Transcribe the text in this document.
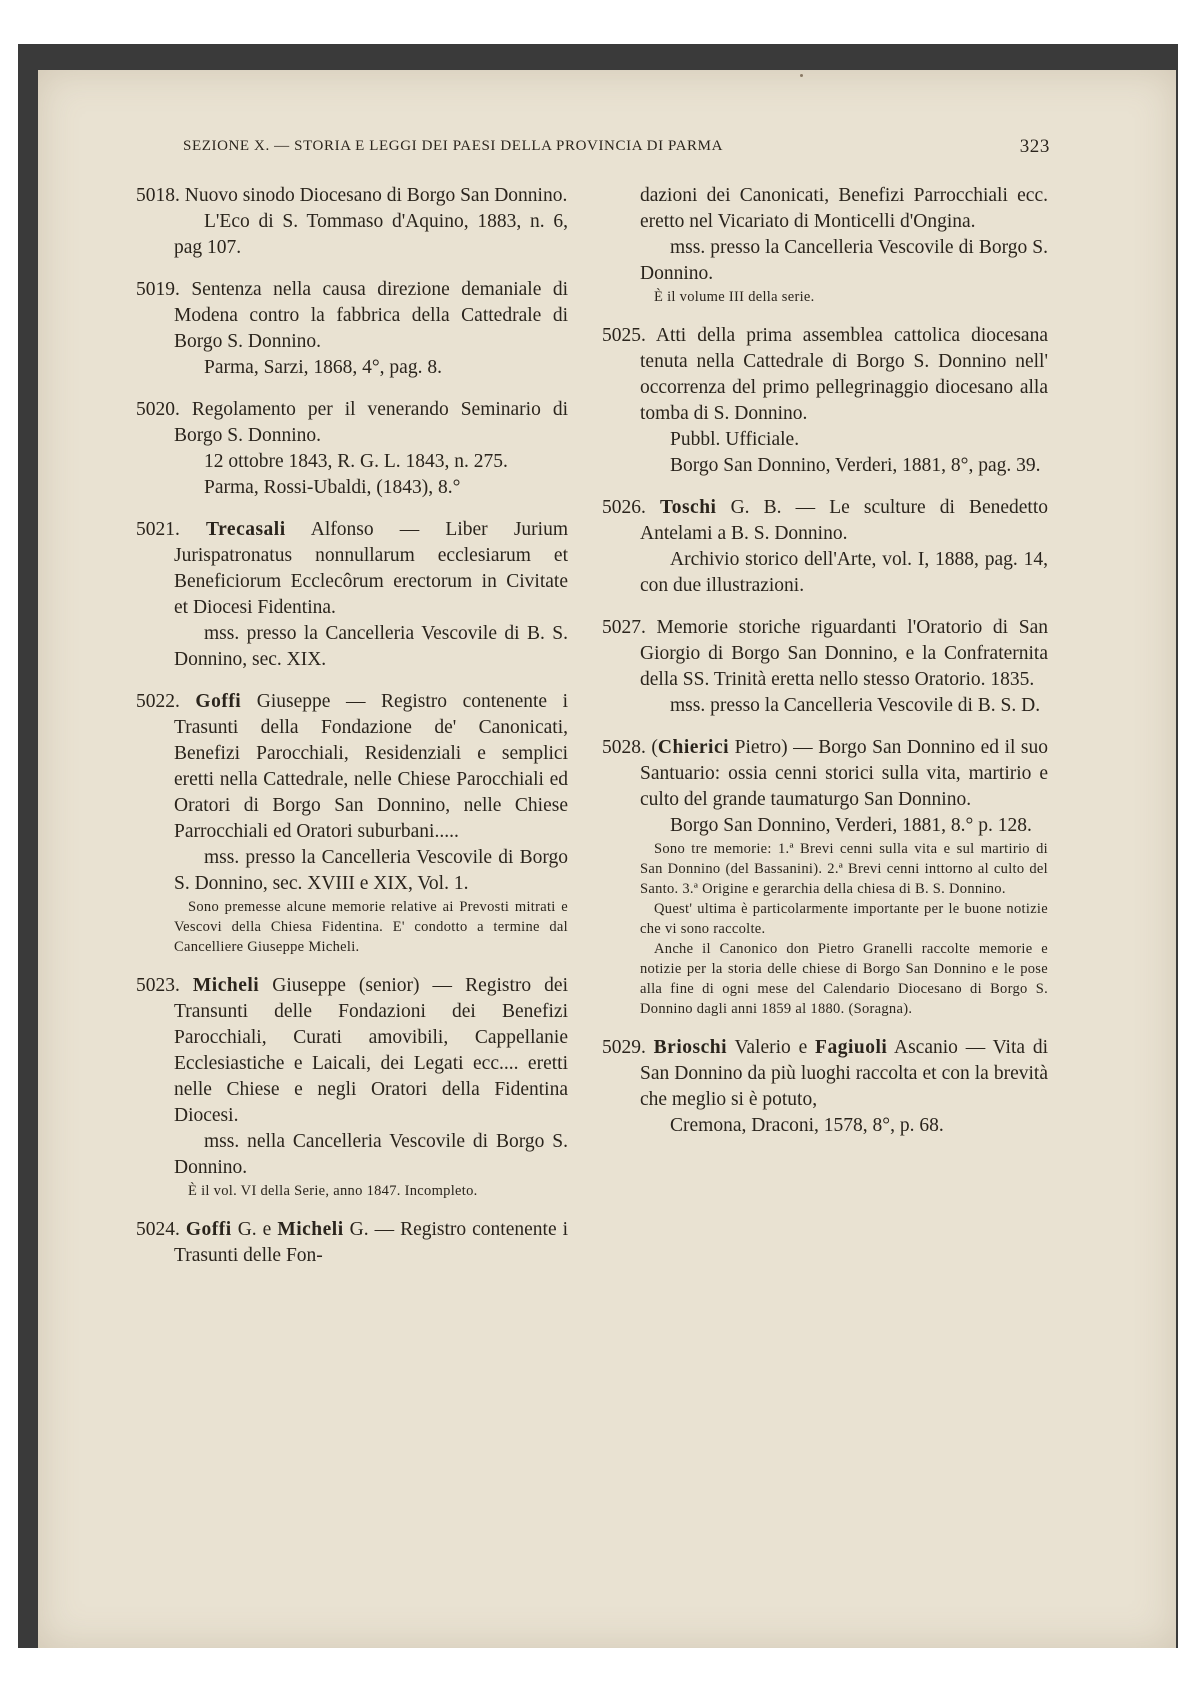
SEZIONE X. — STORIA E LEGGI DEI PAESI DELLA PROVINCIA DI PARMA	323

5018. Nuovo sinodo Diocesano di Borgo San Donnino.

L'Eco di S. Tommaso d'Aquino, 1883, n. 6, pag 107.

5019. Sentenza nella causa direzione demaniale di Modena contro la fabbrica della Cattedrale di Borgo S. Donnino.

Parma, Sarzi, 1868, 4°, pag. 8.

5020. Regolamento per il venerando Seminario di Borgo S. Donnino.

12 ottobre 1843, R. G. L. 1843, n. 275.

Parma, Rossi-Ubaldi, (1843), 8.°

5021. Trecasali Alfonso — Liber Jurium Jurispatronatus nonnullarum ecclesiarum et Beneficiorum Ecclecôrum erectorum in Civitate et Diocesi Fidentina.

mss. presso la Cancelleria Vescovile di B. S. Donnino, sec. XIX.

5022. Goffi Giuseppe — Registro contenente i Trasunti della Fondazione de' Canonicati, Benefizi Parocchiali, Residenziali e semplici eretti nella Cattedrale, nelle Chiese Parocchiali ed Oratori di Borgo San Donnino, nelle Chiese Parrocchiali ed Oratori suburbani.....

mss. presso la Cancelleria Vescovile di Borgo S. Donnino, sec. XVIII e XIX, Vol. 1.

Sono premesse alcune memorie relative ai Prevosti mitrati e Vescovi della Chiesa Fidentina. E' condotto a termine dal Cancelliere Giuseppe Micheli.

5023. Micheli Giuseppe (senior) — Registro dei Transunti delle Fondazioni dei Benefizi Parocchiali, Curati amovibili, Cappellanie Ecclesiastiche e Laicali, dei Legati ecc.... eretti nelle Chiese e negli Oratori della Fidentina Diocesi.

mss. nella Cancelleria Vescovile di Borgo S. Donnino.

È il vol. VI della Serie, anno 1847. Incompleto.

5024. Goffi G. e Micheli G. — Registro contenente i Trasunti delle Fon-

dazioni dei Canonicati, Benefizi Parrocchiali ecc. eretto nel Vicariato di Monticelli d'Ongina.

mss. presso la Cancelleria Vescovile di Borgo S. Donnino.

È il volume III della serie.

5025. Atti della prima assemblea cattolica diocesana tenuta nella Cattedrale di Borgo S. Donnino nell' occorrenza del primo pellegrinaggio diocesano alla tomba di S. Donnino.

Pubbl. Ufficiale.

Borgo San Donnino, Verderi, 1881, 8°, pag. 39.

5026. Toschi G. B. — Le sculture di Benedetto Antelami a B. S. Donnino.

Archivio storico dell'Arte, vol. I, 1888, pag. 14, con due illustrazioni.

5027. Memorie storiche riguardanti l'Oratorio di San Giorgio di Borgo San Donnino, e la Confraternita della SS. Trinità eretta nello stesso Oratorio. 1835.

mss. presso la Cancelleria Vescovile di B. S. D.

5028. (Chierici Pietro) — Borgo San Donnino ed il suo Santuario: ossia cenni storici sulla vita, martirio e culto del grande taumaturgo San Donnino.

Borgo San Donnino, Verderi, 1881, 8.° p. 128.

Sono tre memorie: 1.ª Brevi cenni sulla vita e sul martirio di San Donnino (del Bassanini). 2.ª Brevi cenni inttorno al culto del Santo. 3.ª Origine e gerarchia della chiesa di B. S. Donnino.

Quest' ultima è particolarmente importante per le buone notizie che vi sono raccolte.

Anche il Canonico don Pietro Granelli raccolte memorie e notizie per la storia delle chiese di Borgo San Donnino e le pose alla fine di ogni mese del Calendario Diocesano di Borgo S. Donnino dagli anni 1859 al 1880. (Soragna).

5029. Brioschi Valerio e Fagiuoli Ascanio — Vita di San Donnino da più luoghi raccolta et con la brevità che meglio si è potuto,

Cremona, Draconi, 1578, 8°, p. 68.
